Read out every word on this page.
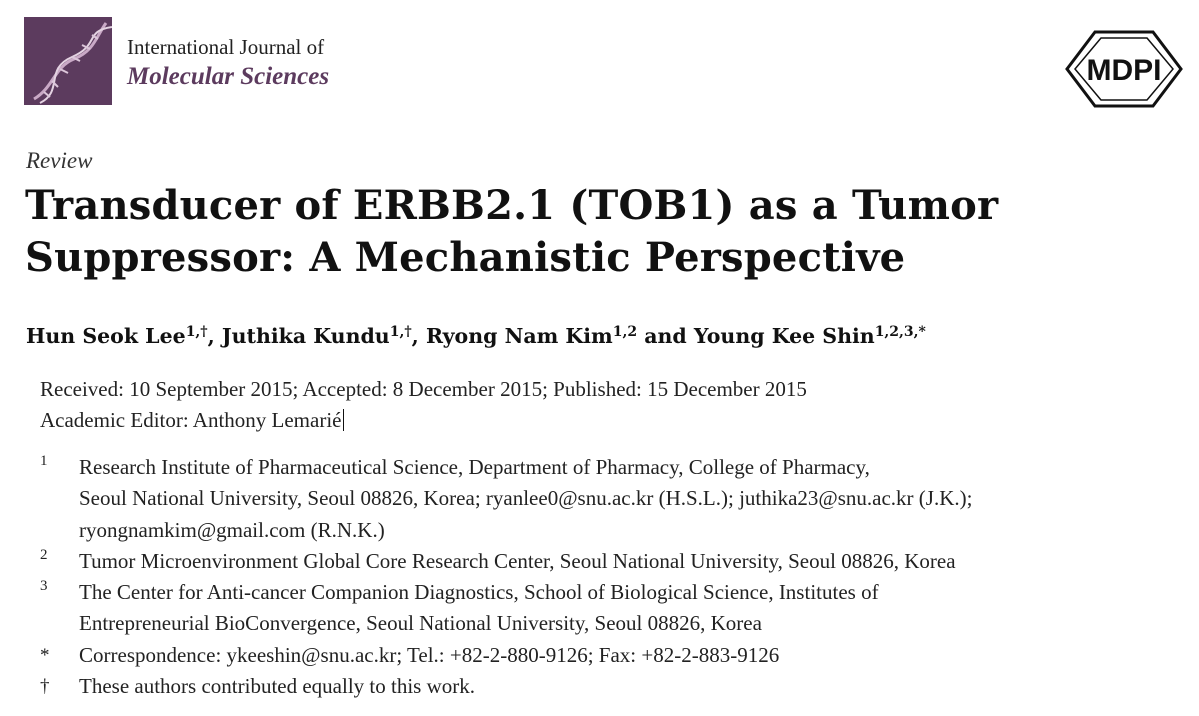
International Journal of
Molecular Sciences	MDPI
Review
Transducer of ERBB2.1 (TOB1) as a Tumor Suppressor: A Mechanistic Perspective
Hun Seok Lee$^{1,\dagger}$, Juthika Kundu$^{1,\dagger}$, Ryong Nam Kim$^{1,2}$ and Young Kee Shin$^{1,2,3,*}$
Received: 10 September 2015; Accepted: 8 December 2015; Published: 15 December 2015
Academic Editor: Anthony Lemarié
1 Research Institute of Pharmaceutical Science, Department of Pharmacy, College of Pharmacy,
Seoul National University, Seoul 08826, Korea; ryanlee0@snu.ac.kr (H.S.L.); juthika23@snu.ac.kr (J.K.);
ryongnamkim@gmail.com (R.N.K.)
2 Tumor Microenvironment Global Core Research Center, Seoul National University, Seoul 08826, Korea
3 The Center for Anti-cancer Companion Diagnostics, School of Biological Science, Institutes of
Entrepreneurial BioConvergence, Seoul National University, Seoul 08826, Korea
* Correspondence: ykeeshin@snu.ac.kr; Tel.: +82-2-880-9126; Fax: +82-2-883-9126
† These authors contributed equally to this work.
